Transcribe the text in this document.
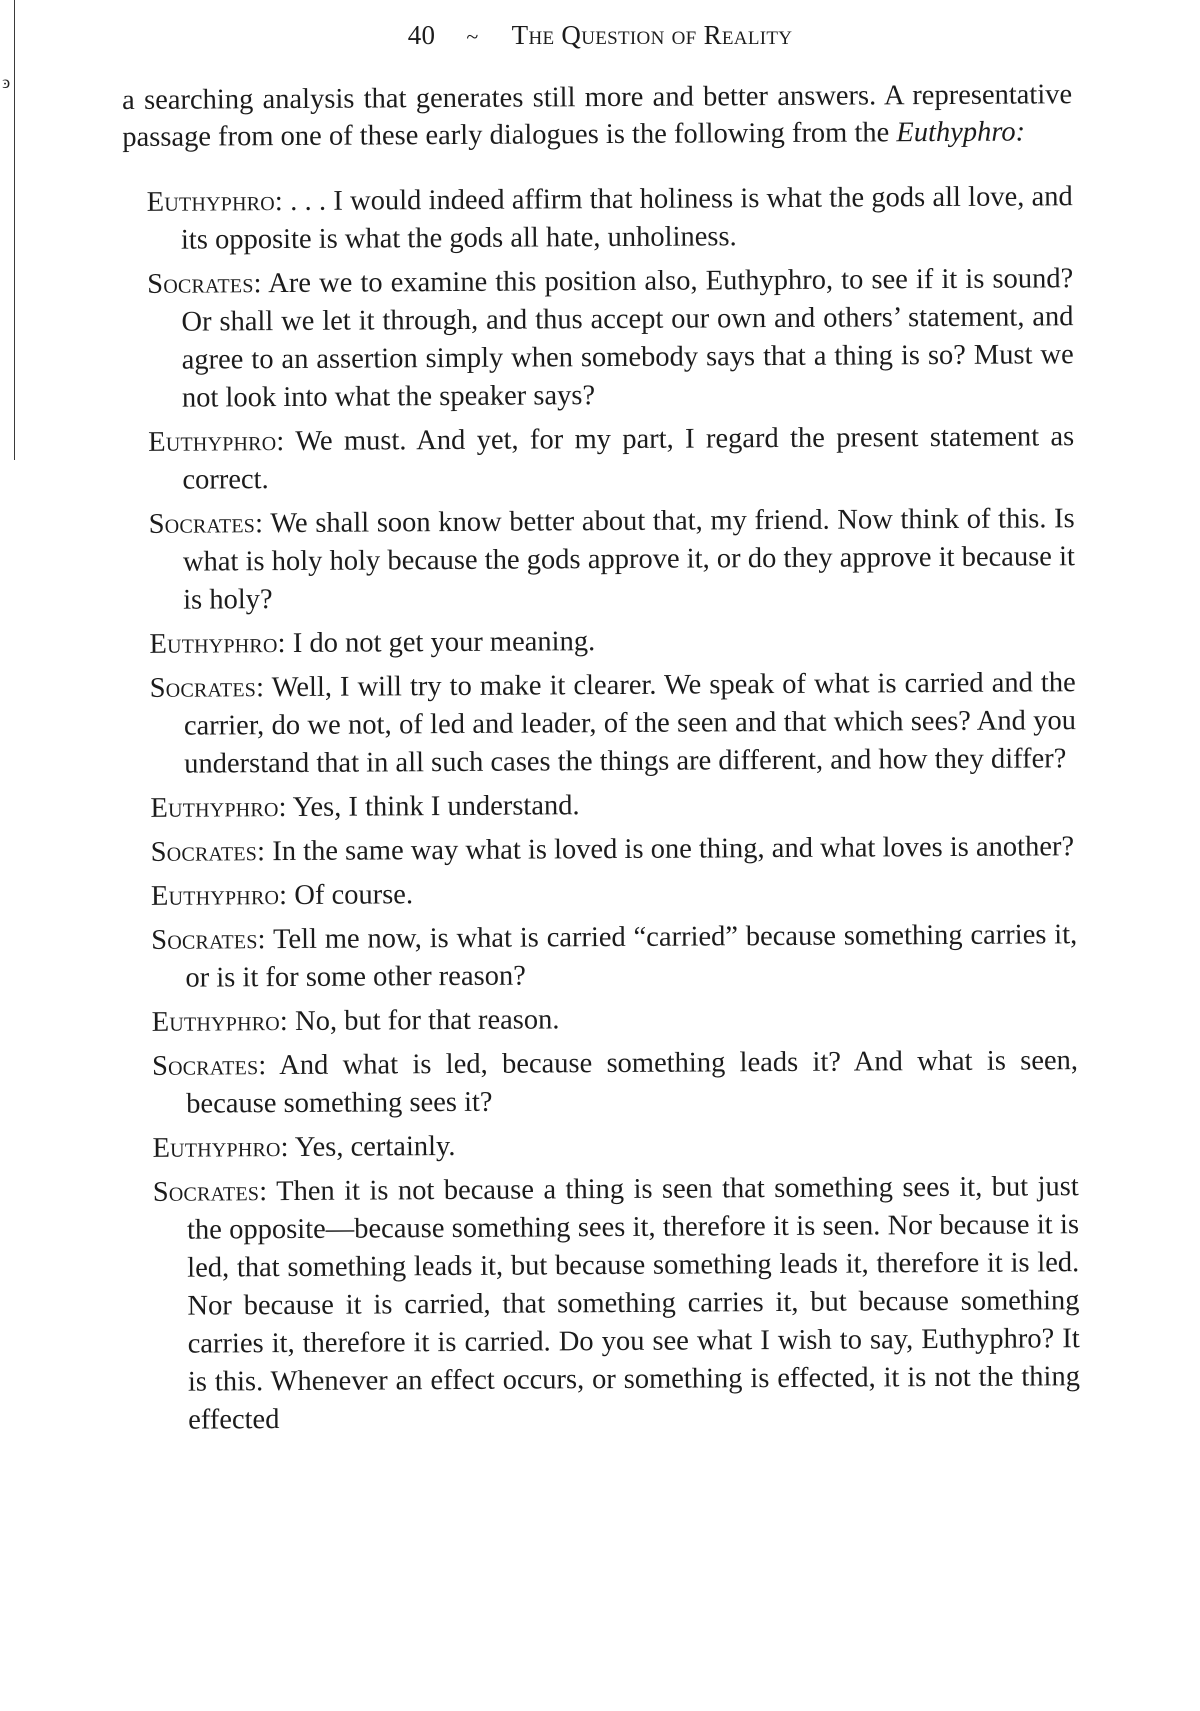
ͽ
40 ~ The Question of Reality

a searching analysis that generates still more and better answers. A representative passage from one of these early dialogues is the following from the Euthyphro:

Euthyphro: . . . I would indeed affirm that holiness is what the gods all love, and its opposite is what the gods all hate, unholiness.

Socrates: Are we to examine this position also, Euthyphro, to see if it is sound? Or shall we let it through, and thus accept our own and others’ statement, and agree to an assertion simply when somebody says that a thing is so? Must we not look into what the speaker says?

Euthyphro: We must. And yet, for my part, I regard the present statement as correct.

Socrates: We shall soon know better about that, my friend. Now think of this. Is what is holy holy because the gods approve it, or do they approve it because it is holy?

Euthyphro: I do not get your meaning.

Socrates: Well, I will try to make it clearer. We speak of what is carried and the carrier, do we not, of led and leader, of the seen and that which sees? And you understand that in all such cases the things are different, and how they differ?

Euthyphro: Yes, I think I understand.

Socrates: In the same way what is loved is one thing, and what loves is another?

Euthyphro: Of course.

Socrates: Tell me now, is what is carried “carried” because something carries it, or is it for some other reason?

Euthyphro: No, but for that reason.

Socrates: And what is led, because something leads it? And what is seen, because something sees it?

Euthyphro: Yes, certainly.

Socrates: Then it is not because a thing is seen that something sees it, but just the opposite—because something sees it, therefore it is seen. Nor because it is led, that something leads it, but because something leads it, therefore it is led. Nor because it is carried, that something carries it, but because something carries it, therefore it is carried. Do you see what I wish to say, Euthyphro? It is this. Whenever an effect occurs, or something is effected, it is not the thing effected
